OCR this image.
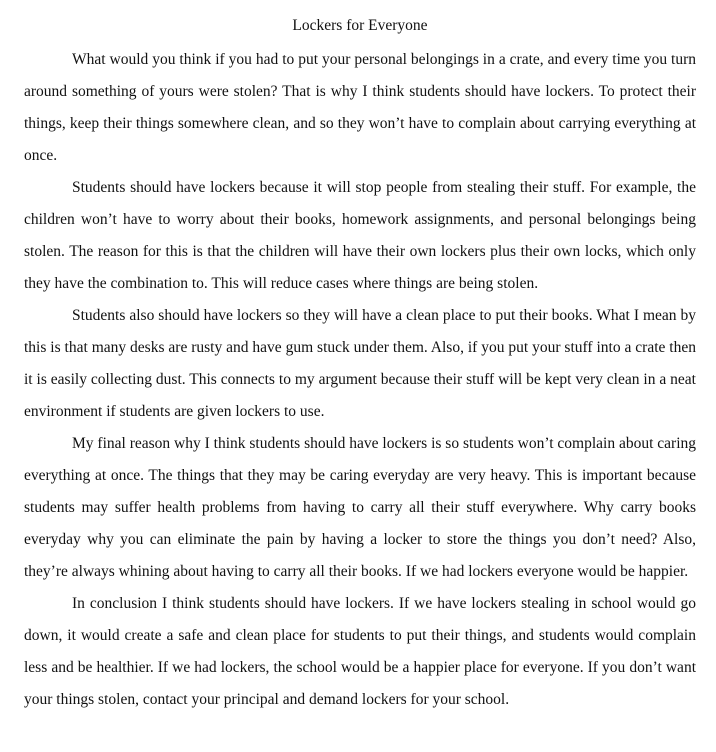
Lockers for Everyone

What would you think if you had to put your personal belongings in a crate, and every time you turn around something of yours were stolen? That is why I think students should have lockers. To protect their things, keep their things somewhere clean, and so they won’t have to complain about carrying everything at once.

Students should have lockers because it will stop people from stealing their stuff. For example, the children won’t have to worry about their books, homework assignments, and personal belongings being stolen. The reason for this is that the children will have their own lockers plus their own locks, which only they have the combination to. This will reduce cases where things are being stolen.

Students also should have lockers so they will have a clean place to put their books. What I mean by this is that many desks are rusty and have gum stuck under them. Also, if you put your stuff into a crate then it is easily collecting dust. This connects to my argument because their stuff will be kept very clean in a neat environment if students are given lockers to use.

My final reason why I think students should have lockers is so students won’t complain about caring everything at once. The things that they may be caring everyday are very heavy. This is important because students may suffer health problems from having to carry all their stuff everywhere. Why carry books everyday why you can eliminate the pain by having a locker to store the things you don’t need? Also, they’re always whining about having to carry all their books. If we had lockers everyone would be happier.

In conclusion I think students should have lockers. If we have lockers stealing in school would go down, it would create a safe and clean place for students to put their things, and students would complain less and be healthier. If we had lockers, the school would be a happier place for everyone. If you don’t want your things stolen, contact your principal and demand lockers for your school.
